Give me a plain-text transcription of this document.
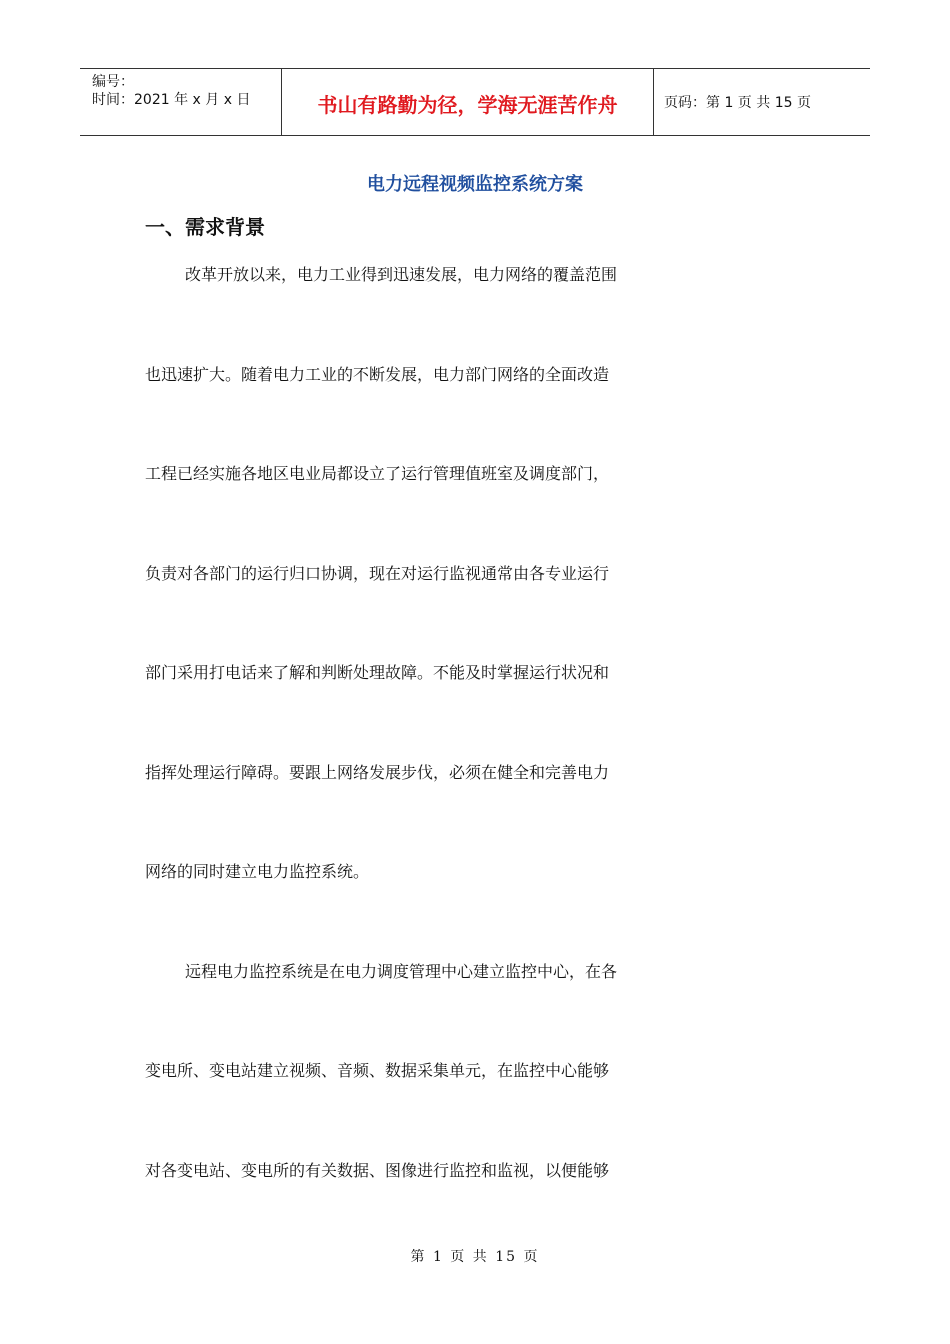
编号：
时间：2021 年 x 月 x 日	书山有路勤为径，学海无涯苦作舟	页码：第 1 页 共 15 页
电力远程视频监控系统方案
一、需求背景
改革开放以来，电力工业得到迅速发展，电力网络的覆盖范围
也迅速扩大。随着电力工业的不断发展，电力部门网络的全面改造
工程已经实施各地区电业局都设立了运行管理值班室及调度部门，
负责对各部门的运行归口协调，现在对运行监视通常由各专业运行
部门采用打电话来了解和判断处理故障。不能及时掌握运行状况和
指挥处理运行障碍。要跟上网络发展步伐，必须在健全和完善电力
网络的同时建立电力监控系统。
远程电力监控系统是在电力调度管理中心建立监控中心，在各
变电所、变电站建立视频、音频、数据采集单元，在监控中心能够
对各变电站、变电所的有关数据、图像进行监控和监视，以便能够
第 1 页 共 15 页
